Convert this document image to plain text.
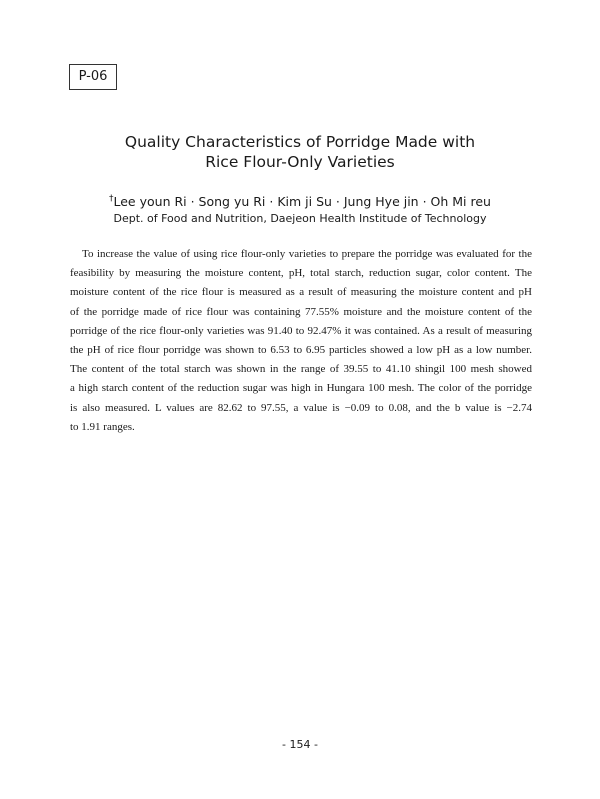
P-06
Quality Characteristics of Porridge Made with
Rice Flour-Only Varieties
†Lee youn Ri · Song yu Ri · Kim ji Su · Jung Hye jin · Oh Mi reu
Dept. of Food and Nutrition, Daejeon Health Institude of Technology
To increase the value of using rice flour-only varieties to prepare the porridge was evaluated for the
feasibility by measuring the moisture content, pH, total starch, reduction sugar, color content. The
moisture content of the rice flour is measured as a result of measuring the moisture content and pH
of the porridge made of rice flour was containing 77.55% moisture and the moisture content of the
porridge of the rice flour-only varieties was 91.40 to 92.47% it was contained. As a result of measuring
the pH of rice flour porridge was shown to 6.53 to 6.95 particles showed a low pH as a low number.
The content of the total starch was shown in the range of 39.55 to 41.10 shingil 100 mesh showed
a high starch content of the reduction sugar was high in Hungara 100 mesh. The color of the porridge
is also measured. L values are 82.62 to 97.55, a value is −0.09 to 0.08, and the b value is −2.74
to 1.91 ranges.
- 154 -
